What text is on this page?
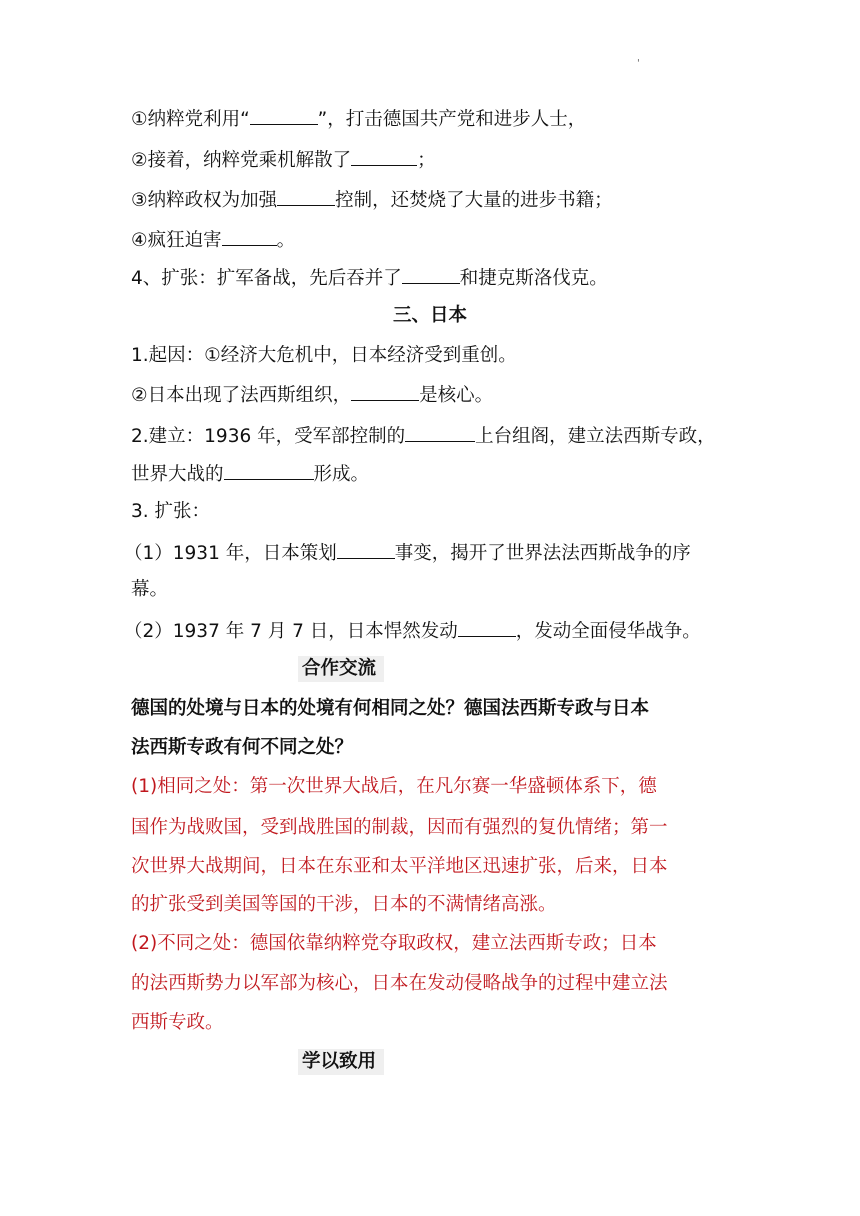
'
①纳粹党利用“	”，打击德国共产党和进步人士，
②接着，纳粹党乘机解散了	；
③纳粹政权为加强	控制，还焚烧了大量的进步书籍；
④疯狂迫害	。
4、扩张：扩军备战，先后吞并了	和捷克斯洛伐克。
三、日本
1.起因：①经济大危机中，日本经济受到重创。
②日本出现了法西斯组织，	是核心。
2.建立：1936 年，受军部控制的	上台组阁，建立法西斯专政，
世界大战的	形成。
3. 扩张：
（1）1931 年，日本策划	事变，揭开了世界法法西斯战争的序
幕。
（2）1937 年 7 月 7 日，日本悍然发动	，发动全面侵华战争。
合作交流
德国的处境与日本的处境有何相同之处？德国法西斯专政与日本
法西斯专政有何不同之处？
(1)相同之处：第一次世界大战后，在凡尔赛一华盛顿体系下，德
国作为战败国，受到战胜国的制裁，因而有强烈的复仇情绪；第一
次世界大战期间，日本在东亚和太平洋地区迅速扩张，后来，日本
的扩张受到美国等国的干涉，日本的不满情绪高涨。
(2)不同之处：德国依靠纳粹党夺取政权，建立法西斯专政；日本
的法西斯势力以军部为核心，日本在发动侵略战争的过程中建立法
西斯专政。
学以致用
